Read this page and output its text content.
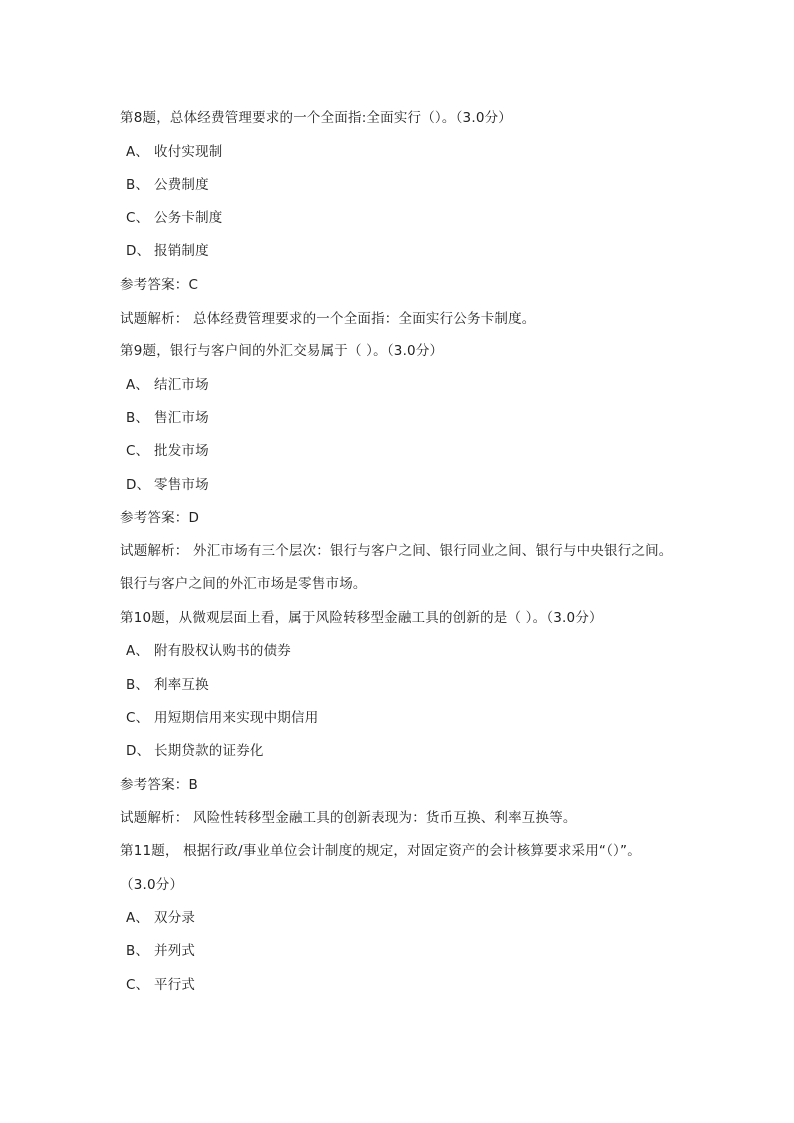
第8题，总体经费管理要求的一个全面指:全面实行（）。（3.0分）
A、 收付实现制
B、 公费制度
C、 公务卡制度
D、 报销制度
参考答案：C
试题解析： 总体经费管理要求的一个全面指：全面实行公务卡制度。
第9题，银行与客户间的外汇交易属于（ ）。（3.0分）
A、 结汇市场
B、 售汇市场
C、 批发市场
D、 零售市场
参考答案：D
试题解析： 外汇市场有三个层次：银行与客户之间、银行同业之间、银行与中央银行之间。
银行与客户之间的外汇市场是零售市场。
第10题，从微观层面上看，属于风险转移型金融工具的创新的是（ ）。（3.0分）
A、 附有股权认购书的债券
B、 利率互换
C、 用短期信用来实现中期信用
D、 长期贷款的证券化
参考答案：B
试题解析： 风险性转移型金融工具的创新表现为：货币互换、利率互换等。
第11题， 根据行政/事业单位会计制度的规定，对固定资产的会计核算要求采用“（）”。
（3.0分）
A、 双分录
B、 并列式
C、 平行式
